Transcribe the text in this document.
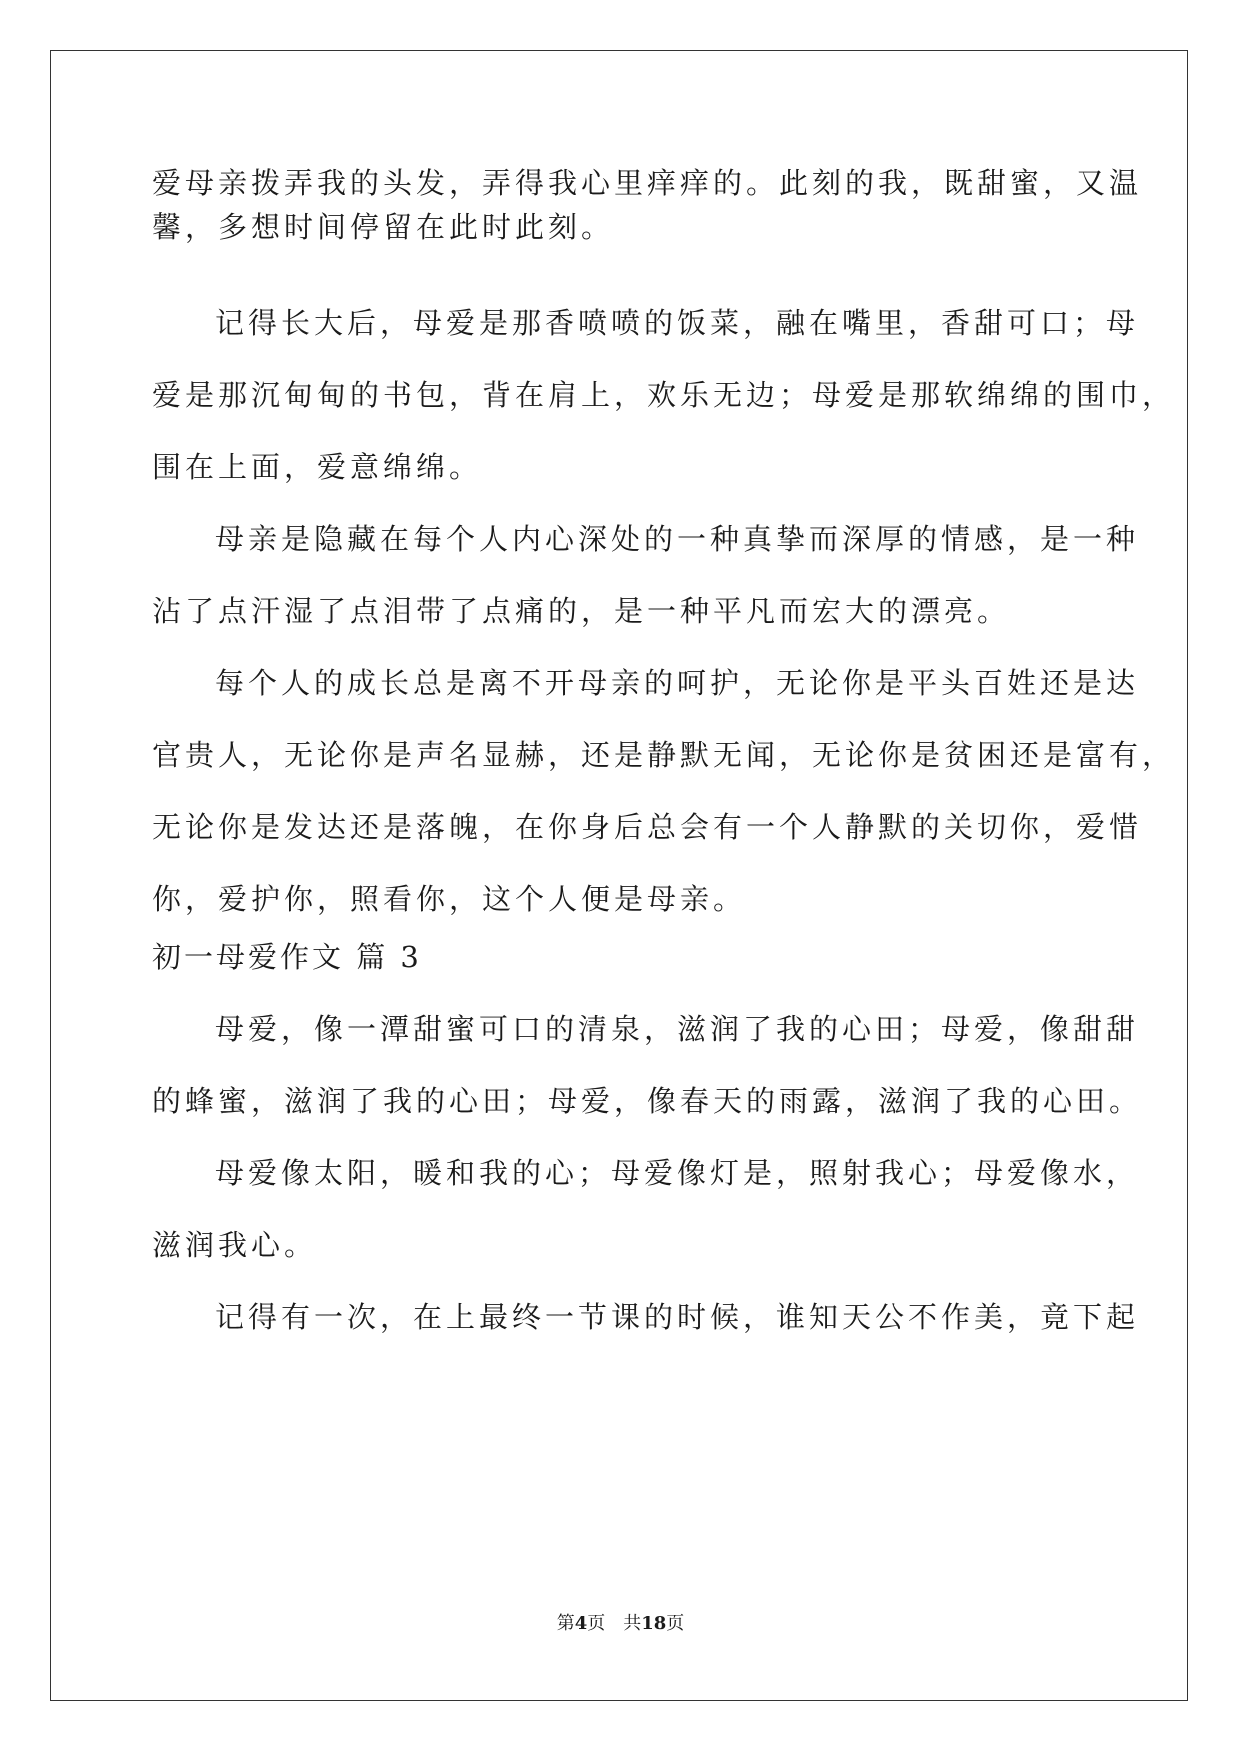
爱母亲拨弄我的头发，弄得我心里痒痒的。此刻的我，既甜蜜，又温
馨，多想时间停留在此时此刻。
记得长大后，母爱是那香喷喷的饭菜，融在嘴里，香甜可口；母
爱是那沉甸甸的书包，背在肩上，欢乐无边；母爱是那软绵绵的围巾，
围在上面，爱意绵绵。
母亲是隐藏在每个人内心深处的一种真挚而深厚的情感，是一种
沾了点汗湿了点泪带了点痛的，是一种平凡而宏大的漂亮。
每个人的成长总是离不开母亲的呵护，无论你是平头百姓还是达
官贵人，无论你是声名显赫，还是静默无闻，无论你是贫困还是富有，
无论你是发达还是落魄，在你身后总会有一个人静默的关切你，爱惜
你，爱护你，照看你，这个人便是母亲。
初一母爱作文 篇 3
母爱，像一潭甜蜜可口的清泉，滋润了我的心田；母爱，像甜甜
的蜂蜜，滋润了我的心田；母爱，像春天的雨露，滋润了我的心田。
母爱像太阳，暖和我的心；母爱像灯是，照射我心；母爱像水，
滋润我心。
记得有一次，在上最终一节课的时候，谁知天公不作美，竟下起
第4页 共18页
